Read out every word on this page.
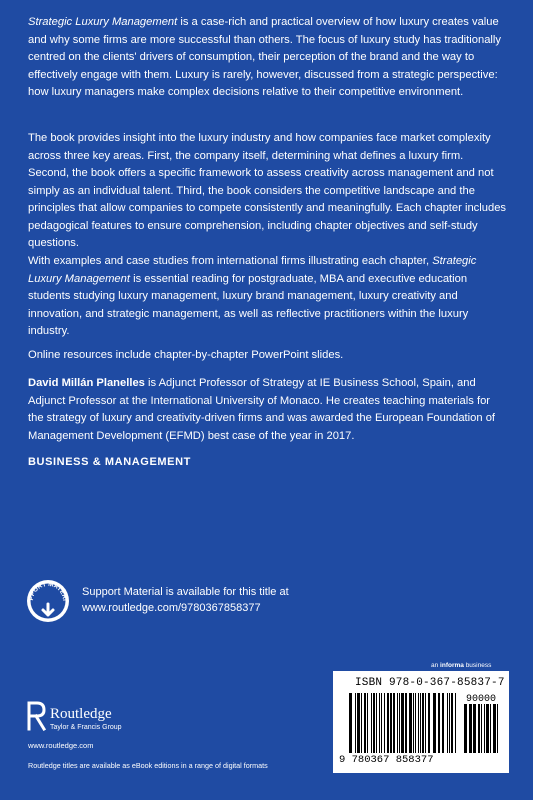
Strategic Luxury Management is a case-rich and practical overview of how luxury creates value and why some firms are more successful than others. The focus of luxury study has traditionally centred on the clients' drivers of consumption, their perception of the brand and the way to effectively engage with them. Luxury is rarely, however, discussed from a strategic perspective: how luxury managers make complex decisions relative to their competitive environment.

The book provides insight into the luxury industry and how companies face market complexity across three key areas. First, the company itself, determining what defines a luxury firm. Second, the book offers a specific framework to assess creativity across management and not simply as an individual talent. Third, the book considers the competitive landscape and the principles that allow companies to compete consistently and meaningfully. Each chapter includes pedagogical features to ensure comprehension, including chapter objectives and self-study questions.

With examples and case studies from international firms illustrating each chapter, Strategic Luxury Management is essential reading for postgraduate, MBA and executive education students studying luxury management, luxury brand management, luxury creativity and innovation, and strategic management, as well as reflective practitioners within the luxury industry.

Online resources include chapter-by-chapter PowerPoint slides.

David Millán Planelles is Adjunct Professor of Strategy at IE Business School, Spain, and Adjunct Professor at the International University of Monaco. He creates teaching materials for the strategy of luxury and creativity-driven firms and was awarded the European Foundation of Management Development (EFMD) best case of the year in 2017.

BUSINESS & MANAGEMENT
PPORT MATERI
Support Material is available for this title at
www.routledge.com/9780367858377
an informa business
ISBN 978-0-367-85837-7
90000
9 780367 858377
Routledge
Taylor & Francis Group
www.routledge.com
Routledge titles are available as eBook editions in a range of digital formats
